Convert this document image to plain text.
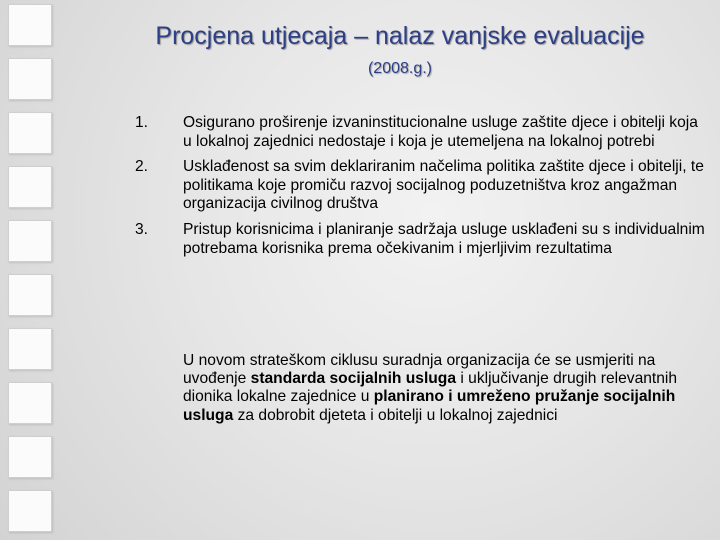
Procjena utjecaja – nalaz vanjske evaluacije
(2008.g.)
1. Osigurano proširenje izvaninstitucionalne usluge zaštite djece i obitelji koja u lokalnoj zajednici nedostaje i koja je utemeljena na lokalnoj potrebi
2. Usklađenost sa svim deklariranim načelima politika zaštite djece i obitelji, te politikama koje promiču razvoj socijalnog poduzetništva kroz angažman organizacija civilnog društva
3. Pristup korisnicima i planiranje sadržaja usluge usklađeni su s individualnim potrebama korisnika prema očekivanim i mjerljivim rezultatima

U novom strateškom ciklusu suradnja organizacija će se usmjeriti na uvođenje standarda socijalnih usluga i uključivanje drugih relevantnih dionika lokalne zajednice u planirano i umreženo pružanje socijalnih usluga za dobrobit djeteta i obitelji u lokalnoj zajednici
